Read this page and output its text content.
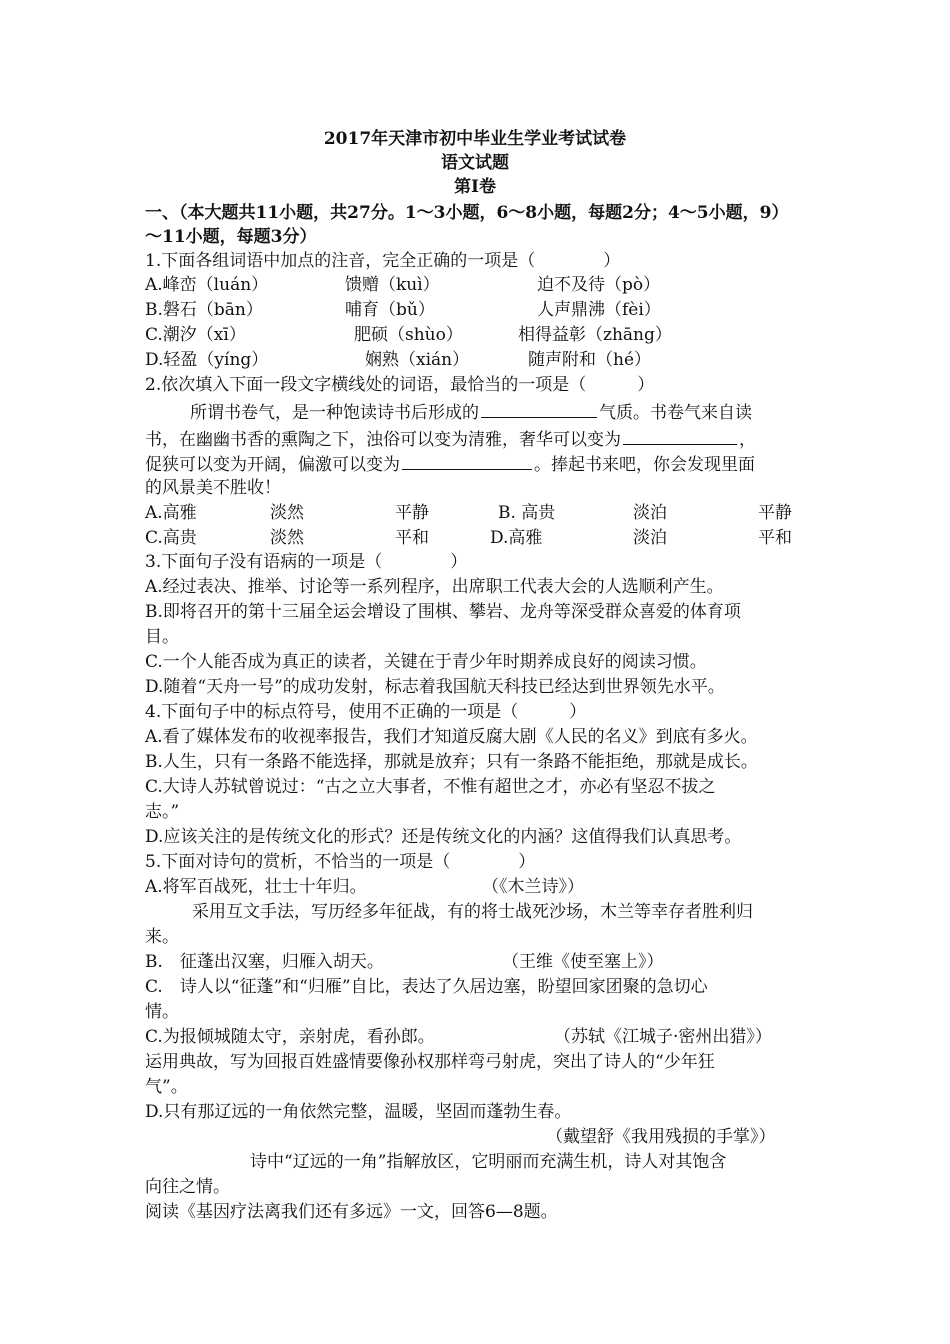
2017年天津市初中毕业生学业考试试卷
语文试题
第Ⅰ卷
一、（本大题共11小题，共27分。1～3小题，6～8小题，每题2分；4～5小题，9）
～11小题，每题3分）
1.下面各组词语中加点的注音，完全正确的一项是（　　　　）
A.峰峦（luán）	馈赠（kuì）	迫不及待（pò）
B.磐石（bān）	哺育（bǔ）	人声鼎沸（fèi）
C.潮汐（xī）	肥硕（shùo）	相得益彰（zhāng）
D.轻盈（yíng）	娴熟（xián）	随声附和（hé）
2.依次填入下面一段文字横线处的词语，最恰当的一项是（　　　）
所谓书卷气，是一种饱读诗书后形成的	气质。书卷气来自读
书，在幽幽书香的熏陶之下，浊俗可以变为清雅，奢华可以变为	，
促狭可以变为开阔，偏激可以变为	。捧起书来吧，你会发现里面
的风景美不胜收！
A.高雅	淡然	平静	B. 高贵	淡泊	平静
C.高贵	淡然	平和	D.高雅	淡泊	平和
3.下面句子没有语病的一项是（　　　　）
A.经过表决、推举、讨论等一系列程序，出席职工代表大会的人选顺利产生。
B.即将召开的第十三届全运会增设了围棋、攀岩、龙舟等深受群众喜爱的体育项
目。
C.一个人能否成为真正的读者，关键在于青少年时期养成良好的阅读习惯。
D.随着“天舟一号”的成功发射，标志着我国航天科技已经达到世界领先水平。
4.下面句子中的标点符号，使用不正确的一项是（　　　）
A.看了媒体发布的收视率报告，我们才知道反腐大剧《人民的名义》到底有多火。
B.人生，只有一条路不能选择，那就是放弃；只有一条路不能拒绝，那就是成长。
C.大诗人苏轼曾说过：“古之立大事者，不惟有超世之才，亦必有坚忍不拔之
志。”
D.应该关注的是传统文化的形式？还是传统文化的内涵？这值得我们认真思考。
5.下面对诗句的赏析，不恰当的一项是（　　　　）
A.将军百战死，壮士十年归。	（《木兰诗》）
采用互文手法，写历经多年征战，有的将士战死沙场，木兰等幸存者胜利归
来。
B.　征蓬出汉塞，归雁入胡天。	（王维《使至塞上》）
C.　诗人以“征蓬”和“归雁”自比，表达了久居边塞，盼望回家团聚的急切心
情。
C.为报倾城随太守，亲射虎，看孙郎。	（苏轼《江城子·密州出猎》）
运用典故，写为回报百姓盛情要像孙权那样弯弓射虎，突出了诗人的“少年狂
气”。
D.只有那辽远的一角依然完整，温暖，坚固而蓬勃生春。
（戴望舒《我用残损的手掌》）
诗中“辽远的一角”指解放区，它明丽而充满生机，诗人对其饱含
向往之情。
阅读《基因疗法离我们还有多远》一文，回答6—8题。
